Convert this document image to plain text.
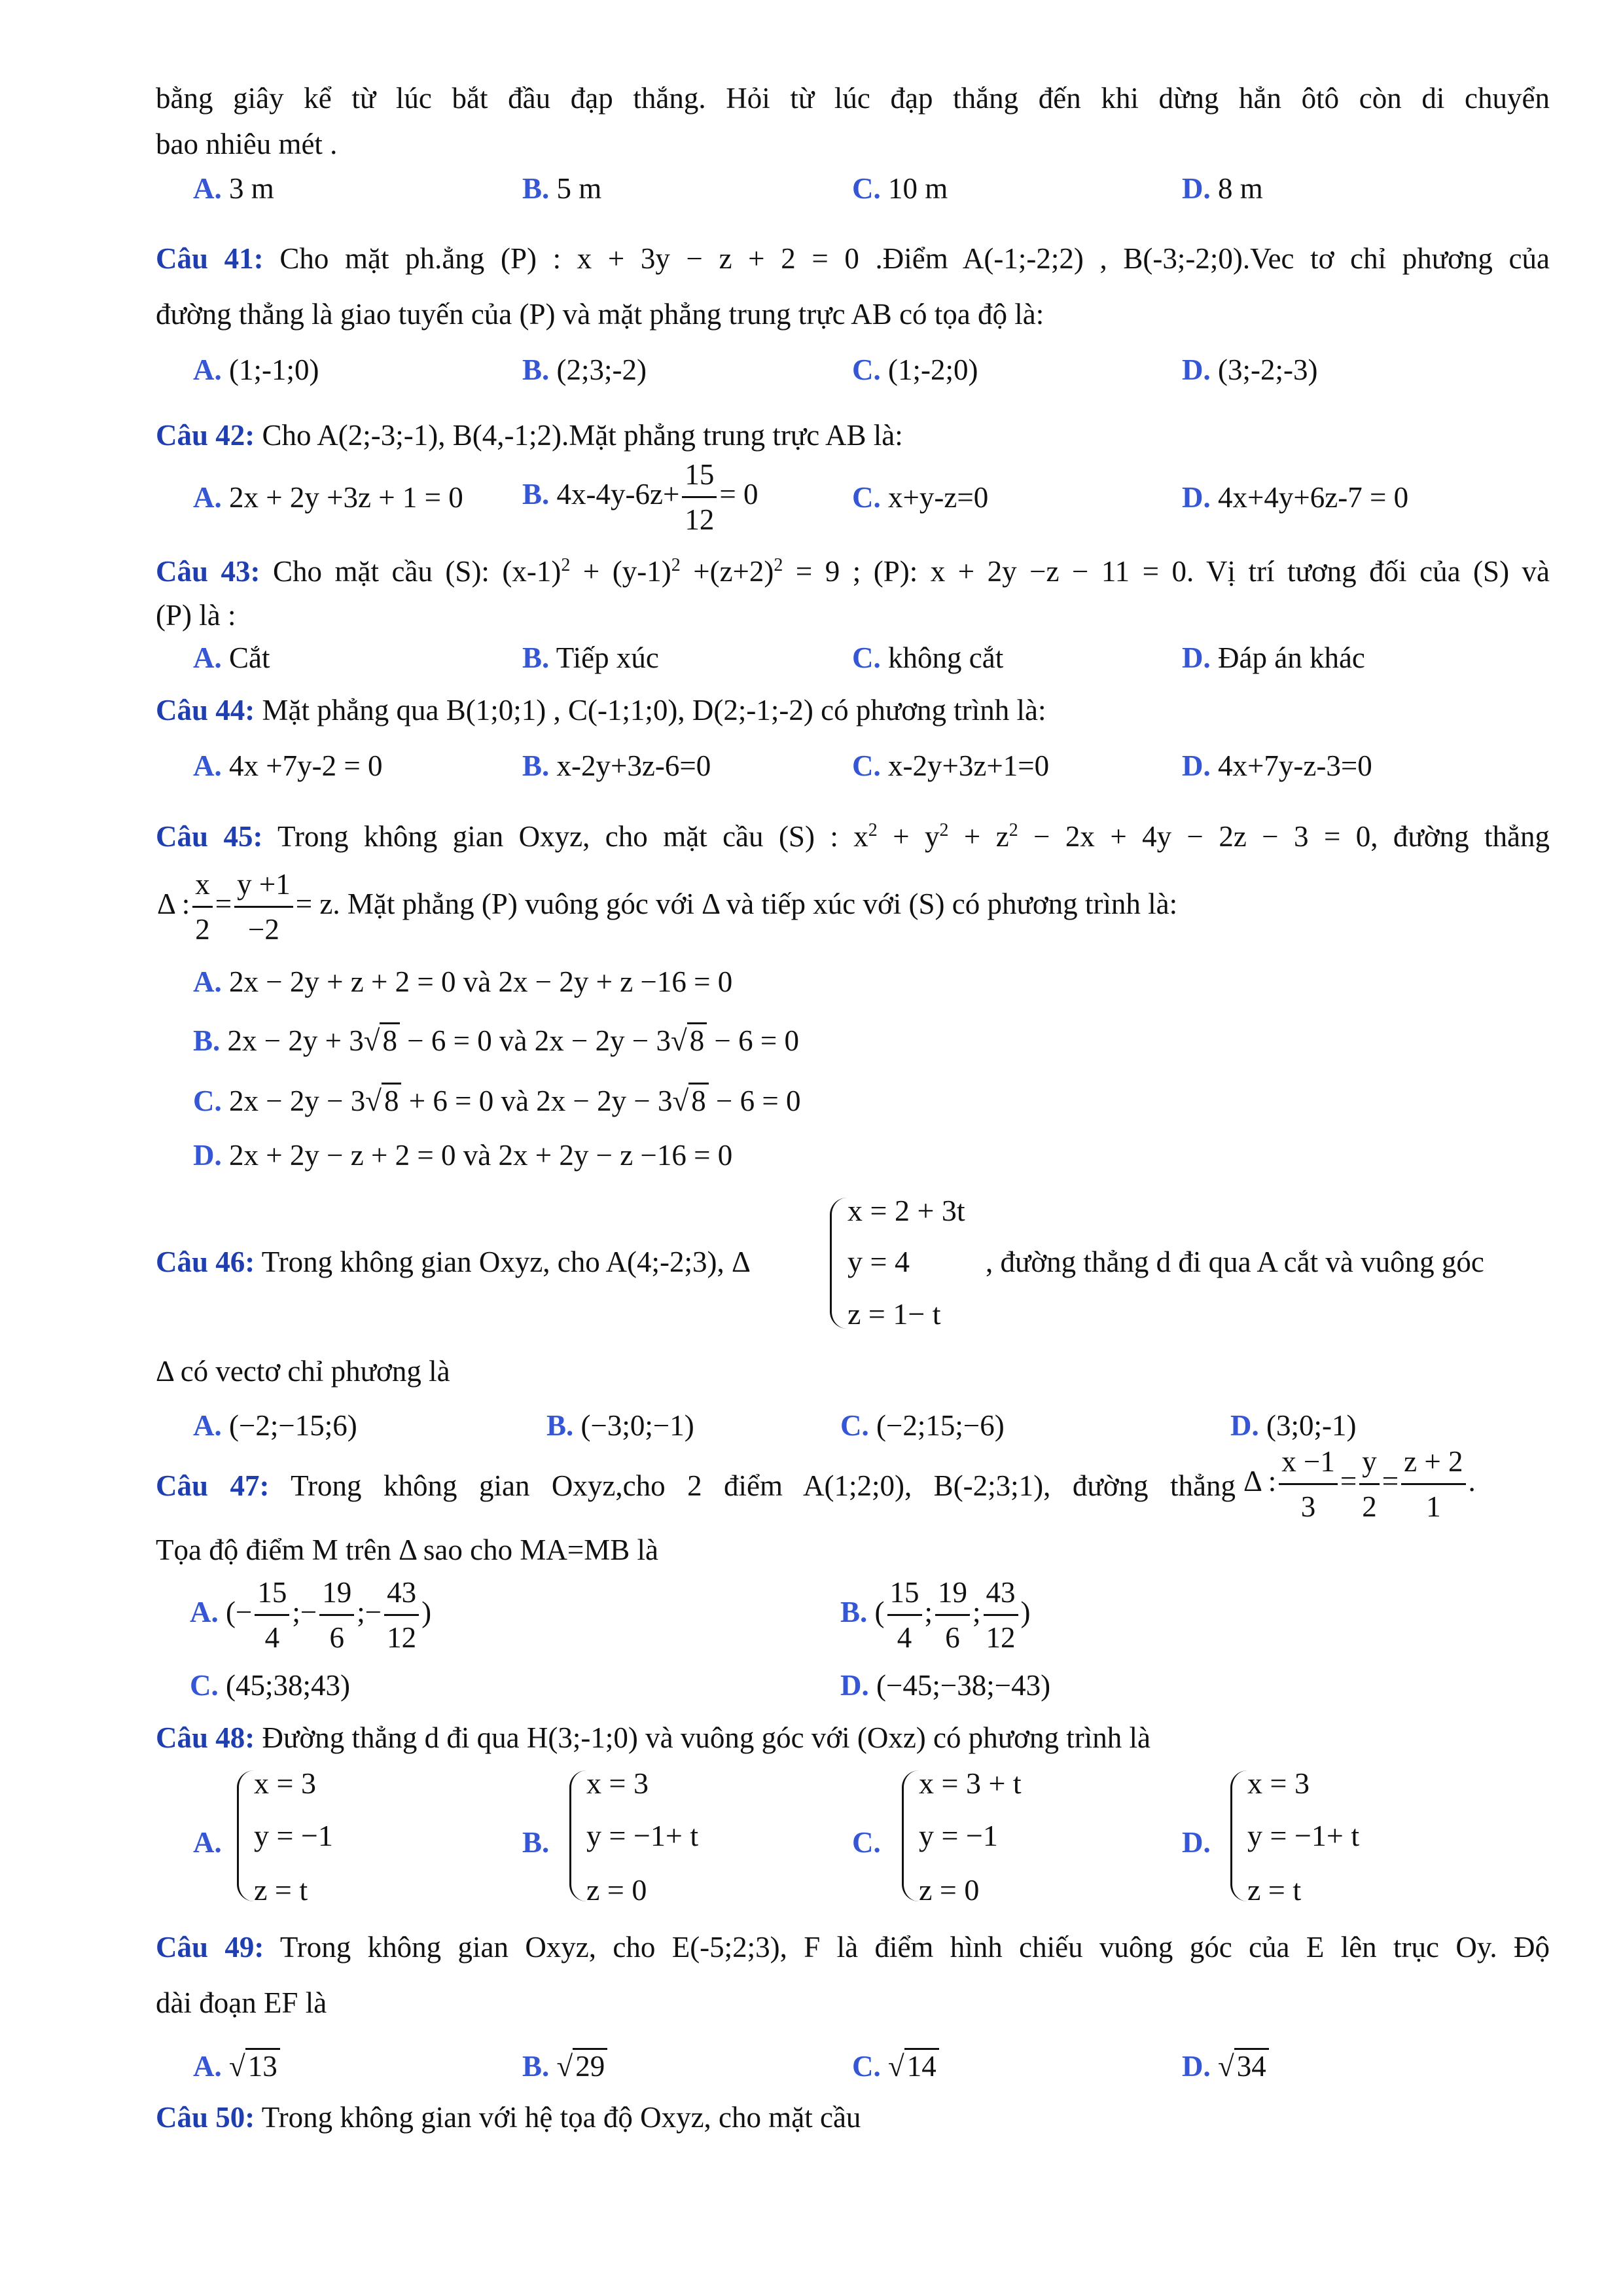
bằng giây kể từ lúc bắt đầu đạp thắng. Hỏi từ lúc đạp thắng đến khi dừng hẳn ôtô còn di chuyển
bao nhiêu mét .
A. 3 m	B. 5 m	C. 10 m	D. 8 m
Câu 41: Cho mặt ph.ẳng (P) : x + 3y − z + 2 = 0 .Điểm A(-1;-2;2) , B(-3;-2;0).Vec tơ chỉ phương của
đường thẳng là giao tuyến của (P) và mặt phẳng trung trực AB có tọa độ là:
A. (1;-1;0)	B. (2;3;-2)	C. (1;-2;0)	D. (3;-2;-3)
Câu 42: Cho A(2;-3;-1), B(4,-1;2).Mặt phẳng trung trực AB là:
A. 2x + 2y +3z + 1 = 0 B. $4x-4y-6z+ \frac{15}{12} = 0$	C. x+y-z=0	D. 4x+4y+6z-7 = 0
Câu 43: Cho mặt cầu (S): $(x-1)^2 + (y-1)^2 +(z+2)^2 = 9$ ; (P): x + 2y −z − 11 = 0. Vị trí tương đối của (S) và
(P) là :
A. Cắt	B. Tiếp xúc	C. không cắt	D. Đáp án khác
Câu 44: Mặt phẳng qua B(1;0;1) , C(-1;1;0), D(2;-1;-2) có phương trình là:
A. 4x +7y-2 = 0	B. x-2y+3z-6=0	C. x-2y+3z+1=0	D. 4x+7y-z-3=0
Câu 45: Trong không gian Oxyz, cho mặt cầu (S) : $x^2 + y^2 + z^2 - 2x + 4y - 2z - 3 = 0$, đường thẳng
Δ : $\frac{x}{2} = \frac{y +1}{-2} = z$. Mặt phẳng (P) vuông góc với Δ và tiếp xúc với (S) có phương trình là:
A. 2x − 2y + z + 2 = 0 và 2x − 2y + z −16 = 0
B. 2x − 2y + 3√8 − 6 = 0 và 2x − 2y − 3√8 − 6 = 0
C. 2x − 2y − 3√8 + 6 = 0 và 2x − 2y − 3√8 − 6 = 0
D. 2x + 2y − z + 2 = 0 và 2x + 2y − z −16 = 0
Câu 46: Trong không gian Oxyz, cho A(4;-2;3), Δ
x = 2 + 3t
y = 4
z = 1− t
, đường thẳng d đi qua A cắt và vuông góc
Δ có vectơ chỉ phương là
A. (−2;−15;6)	B. (−3;0;−1)	C. (−2;15;−6)	D. (3;0;-1)
Câu 47: Trong không gian Oxyz,cho 2 điểm A(1;2;0), B(-2;3;1), đường thẳng Δ : $\frac{x -1}{3} = \frac{y}{2} = \frac{z + 2}{1}$ .
Tọa độ điểm M trên Δ sao cho MA=MB là
A. (− $\frac{15}{4}$ ;− $\frac{19}{6}$ ;− $\frac{43}{12}$ )	B. ( $\frac{15}{4}$ ; $\frac{19}{6}$ ; $\frac{43}{12}$ )
C. (45;38;43)	D. (−45;−38;−43)
Câu 48: Đường thẳng d đi qua H(3;-1;0) và vuông góc với (Oxz) có phương trình là
A.
x = 3
y = −1
z = t
B.
x = 3
y = −1+ t
z = 0
C.
x = 3 + t
y = −1
z = 0
D.
x = 3
y = −1+ t
z = t
Câu 49: Trong không gian Oxyz, cho E(-5;2;3), F là điểm hình chiếu vuông góc của E lên trục Oy. Độ
dài đoạn EF là
A. √13	B. √29	C. √14	D. √34
Câu 50: Trong không gian với hệ tọa độ Oxyz, cho mặt cầu
